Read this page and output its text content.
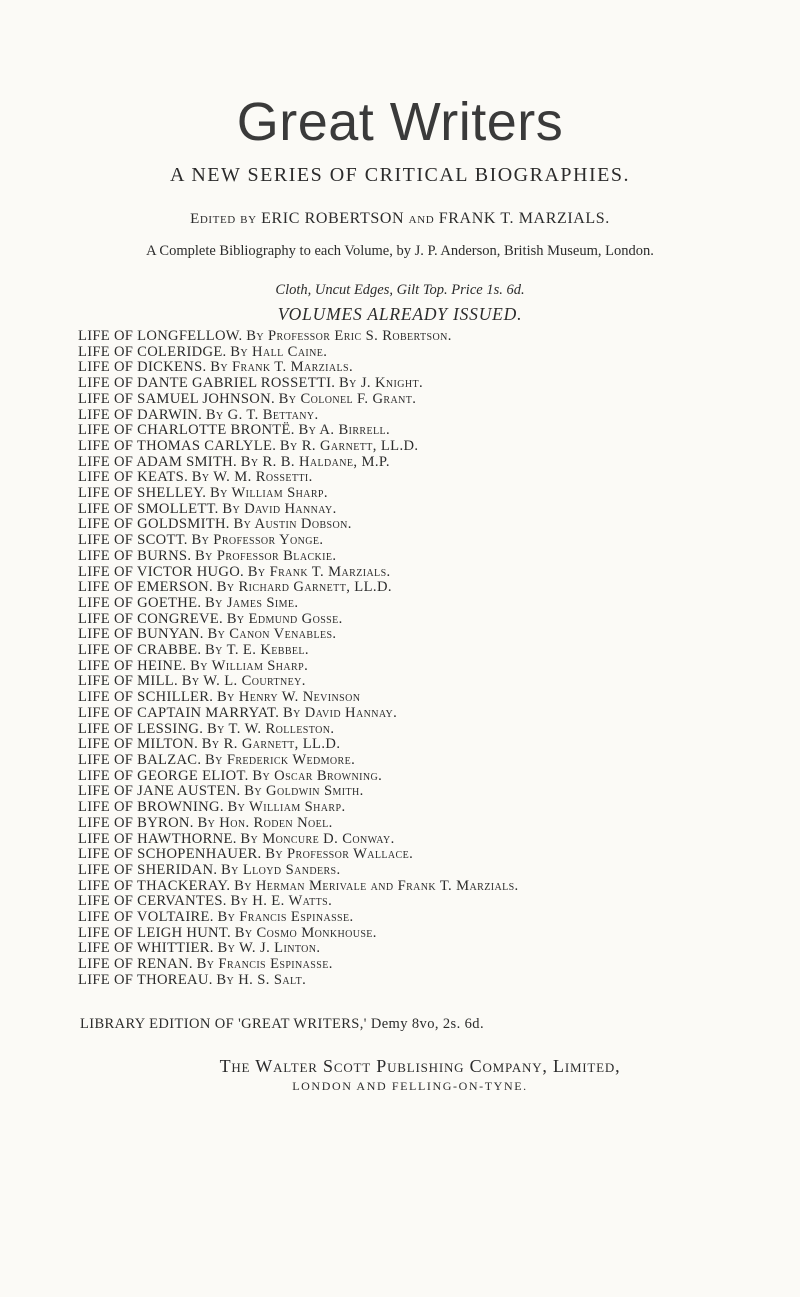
Great Writers
A NEW SERIES OF CRITICAL BIOGRAPHIES.
Edited by ERIC ROBERTSON and FRANK T. MARZIALS.
A Complete Bibliography to each Volume, by J. P. Anderson, British Museum, London.
Cloth, Uncut Edges, Gilt Top. Price 1s. 6d.
VOLUMES ALREADY ISSUED.
LIFE OF LONGFELLOW. By Professor Eric S. Robertson.
LIFE OF COLERIDGE. By Hall Caine.
LIFE OF DICKENS. By Frank T. Marzials.
LIFE OF DANTE GABRIEL ROSSETTI. By J. Knight.
LIFE OF SAMUEL JOHNSON. By Colonel F. Grant.
LIFE OF DARWIN. By G. T. Bettany.
LIFE OF CHARLOTTE BRONTË. By A. Birrell.
LIFE OF THOMAS CARLYLE. By R. Garnett, LL.D.
LIFE OF ADAM SMITH. By R. B. Haldane, M.P.
LIFE OF KEATS. By W. M. Rossetti.
LIFE OF SHELLEY. By William Sharp.
LIFE OF SMOLLETT. By David Hannay.
LIFE OF GOLDSMITH. By Austin Dobson.
LIFE OF SCOTT. By Professor Yonge.
LIFE OF BURNS. By Professor Blackie.
LIFE OF VICTOR HUGO. By Frank T. Marzials.
LIFE OF EMERSON. By Richard Garnett, LL.D.
LIFE OF GOETHE. By James Sime.
LIFE OF CONGREVE. By Edmund Gosse.
LIFE OF BUNYAN. By Canon Venables.
LIFE OF CRABBE. By T. E. Kebbel.
LIFE OF HEINE. By William Sharp.
LIFE OF MILL. By W. L. Courtney.
LIFE OF SCHILLER. By Henry W. Nevinson
LIFE OF CAPTAIN MARRYAT. By David Hannay.
LIFE OF LESSING. By T. W. Rolleston.
LIFE OF MILTON. By R. Garnett, LL.D.
LIFE OF BALZAC. By Frederick Wedmore.
LIFE OF GEORGE ELIOT. By Oscar Browning.
LIFE OF JANE AUSTEN. By Goldwin Smith.
LIFE OF BROWNING. By William Sharp.
LIFE OF BYRON. By Hon. Roden Noel.
LIFE OF HAWTHORNE. By Moncure D. Conway.
LIFE OF SCHOPENHAUER. By Professor Wallace.
LIFE OF SHERIDAN. By Lloyd Sanders.
LIFE OF THACKERAY. By Herman Merivale and Frank T. Marzials.
LIFE OF CERVANTES. By H. E. Watts.
LIFE OF VOLTAIRE. By Francis Espinasse.
LIFE OF LEIGH HUNT. By Cosmo Monkhouse.
LIFE OF WHITTIER. By W. J. Linton.
LIFE OF RENAN. By Francis Espinasse.
LIFE OF THOREAU. By H. S. Salt.
LIBRARY EDITION OF 'GREAT WRITERS,' Demy 8vo, 2s. 6d.
The Walter Scott Publishing Company, Limited,
LONDON AND FELLING-ON-TYNE.
